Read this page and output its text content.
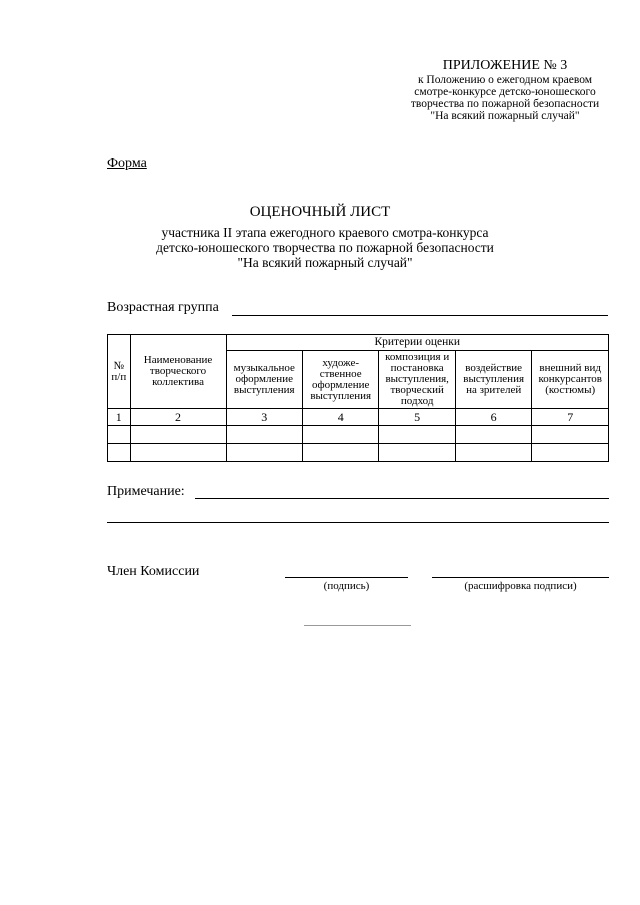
ПРИЛОЖЕНИЕ № 3
к Положению о ежегодном краевом
смотре-конкурсе детско-юношеского
творчества по пожарной безопасности
"На всякий пожарный случай"
Форма
ОЦЕНОЧНЫЙ ЛИСТ
участника II этапа ежегодного краевого смотра-конкурса
детско-юношеского творчества по пожарной безопасности
"На всякий пожарный случай"
Возрастная группа
№ п/п	Наименование творческого коллектива	Критерии оценки				
		музыкальное оформление выступления	художе- ственное оформление выступления	композиция и постановка выступления, творческий подход	воздействие выступления на зрителей	внешний вид конкурсантов (костюмы)
1	2	3	4	5	6	7

Примечание:
Член Комиссии
(подпись)	(расшифровка подписи)
